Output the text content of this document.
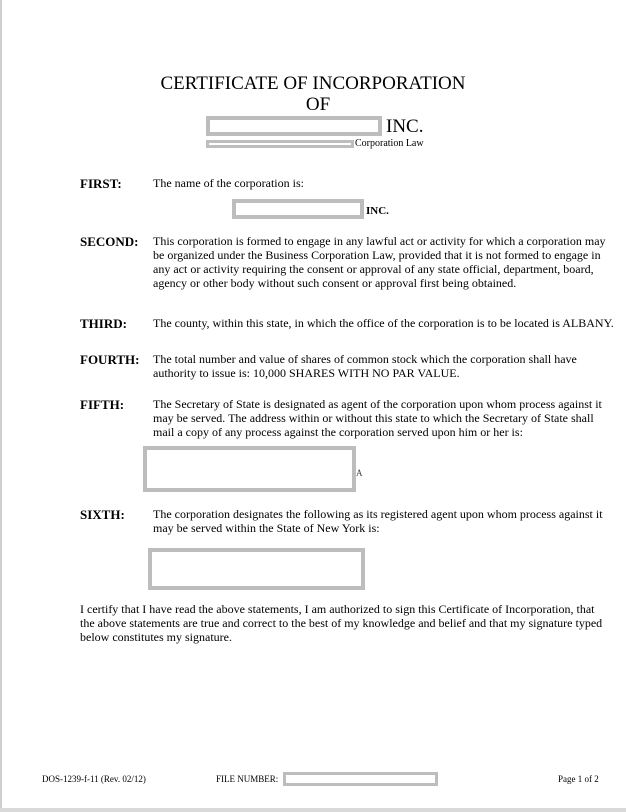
CERTIFICATE OF INCORPORATION
OF
INC.
Corporation Law
FIRST:	The name of the corporation is:
INC.
SECOND: This corporation is formed to engage in any lawful act or activity for which a corporation may be organized under the Business Corporation Law, provided that it is not formed to engage in any act or activity requiring the consent or approval of any state official, department, board, agency or other body without such consent or approval first being obtained.
THIRD: The county, within this state, in which the office of the corporation is to be located is ALBANY.
FOURTH: The total number and value of shares of common stock which the corporation shall have authority to issue is: 10,000 SHARES WITH NO PAR VALUE.
FIFTH: The Secretary of State is designated as agent of the corporation upon whom process against it may be served. The address within or without this state to which the Secretary of State shall mail a copy of any process against the corporation served upon him or her is:
A
SIXTH: The corporation designates the following as its registered agent upon whom process against it may be served within the State of New York is:
I certify that I have read the above statements, I am authorized to sign this Certificate of Incorporation, that the above statements are true and correct to the best of my knowledge and belief and that my signature typed below constitutes my signature.
DOS-1239-f-11 (Rev. 02/12)	FILE NUMBER:	Page 1 of 2
